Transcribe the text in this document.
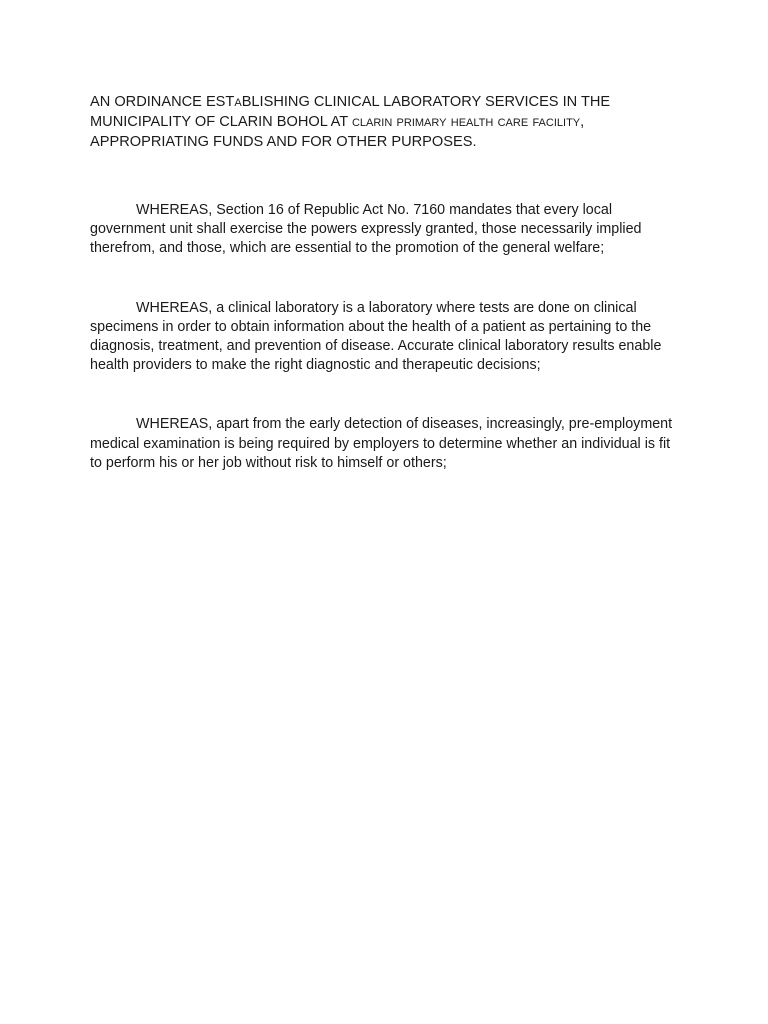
AN ORDINANCE ESTaBLISHING CLINICAL LABORATORY SERVICES IN THE MUNICIPALITY OF CLARIN BOHOL AT clarin primary health care facility, APPROPRIATING FUNDS AND FOR OTHER PURPOSES.

WHEREAS, Section 16 of Republic Act No. 7160 mandates that every local government unit shall exercise the powers expressly granted, those necessarily implied therefrom, and those, which are essential to the promotion of the general welfare;

WHEREAS, a clinical laboratory is a laboratory where tests are done on clinical specimens in order to obtain information about the health of a patient as pertaining to the diagnosis, treatment, and prevention of disease. Accurate clinical laboratory results enable health providers to make the right diagnostic and therapeutic decisions;

WHEREAS, apart from the early detection of diseases, increasingly, pre-employment medical examination is being required by employers to determine whether an individual is fit to perform his or her job without risk to himself or others;
